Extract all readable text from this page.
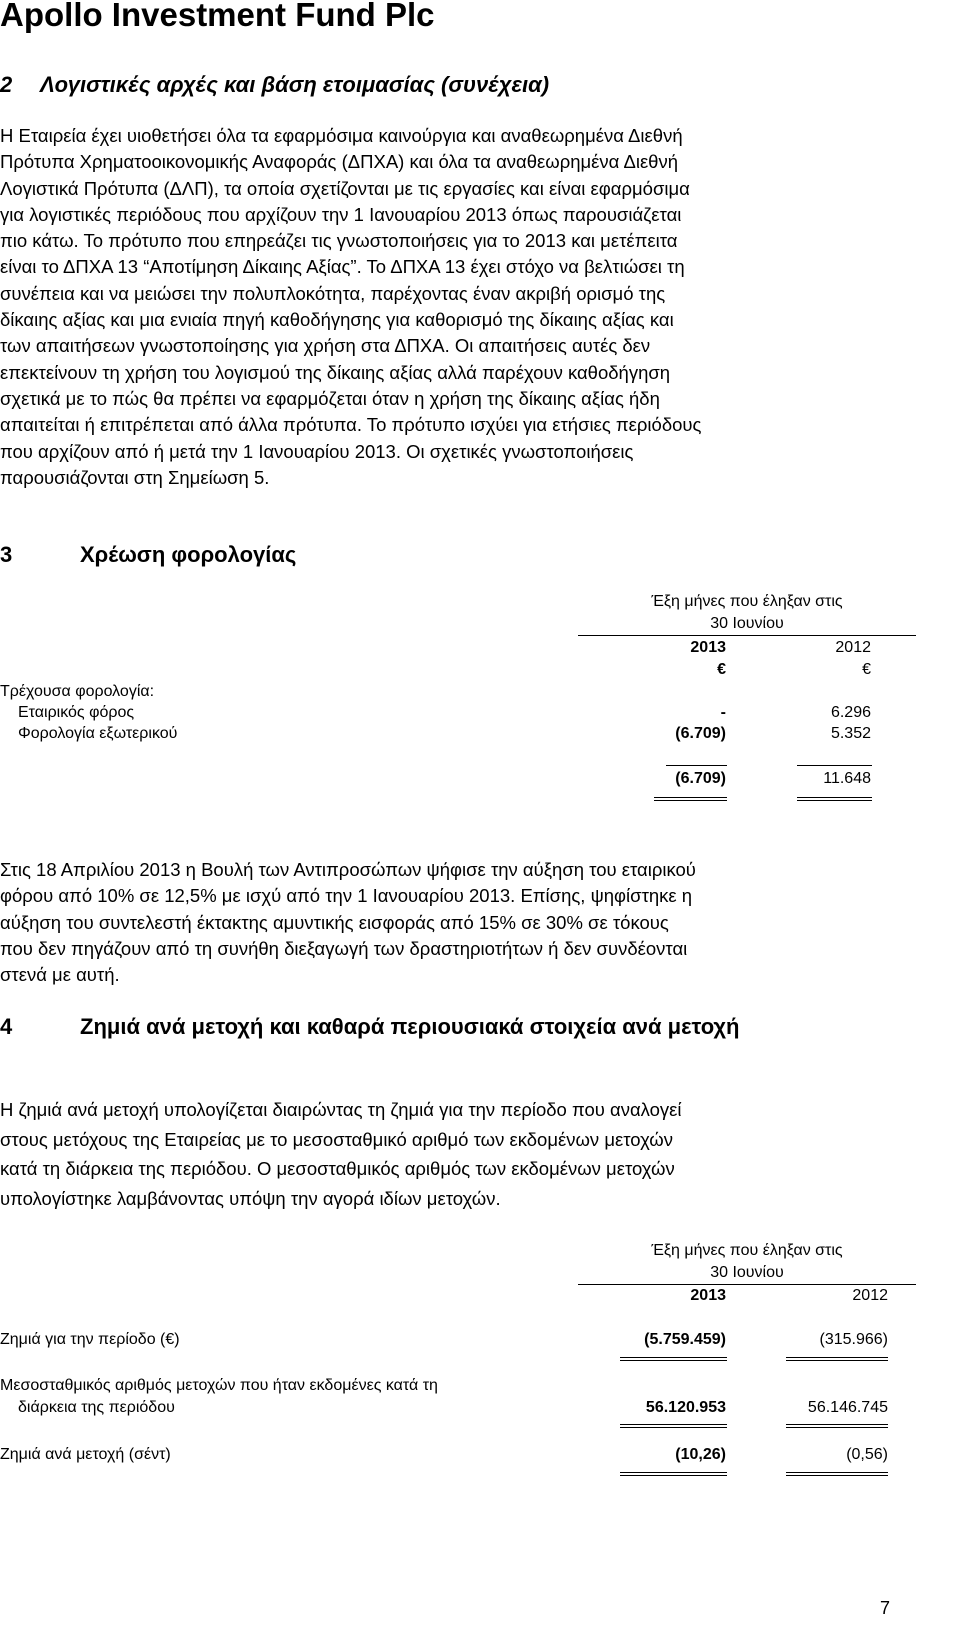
Apollo Investment Fund Plc
2 Λογιστικές αρχές και βάση ετοιμασίας (συνέχεια)
Η Εταιρεία έχει υιοθετήσει όλα τα εφαρμόσιμα καινούργια και αναθεωρημένα Διεθνή
Πρότυπα Χρηματοοικονομικής Αναφοράς (ΔΠΧΑ) και όλα τα αναθεωρημένα Διεθνή
Λογιστικά Πρότυπα (ΔΛΠ), τα οποία σχετίζονται με τις εργασίες και είναι εφαρμόσιμα
για λογιστικές περιόδους που αρχίζουν την 1 Ιανουαρίου 2013 όπως παρουσιάζεται
πιο κάτω. Το πρότυπο που επηρεάζει τις γνωστοποιήσεις για το 2013 και μετέπειτα
είναι το ΔΠΧΑ 13 “Αποτίμηση Δίκαιης Αξίας”. Το ΔΠΧΑ 13 έχει στόχο να βελτιώσει τη
συνέπεια και να μειώσει την πολυπλοκότητα, παρέχοντας έναν ακριβή ορισμό της
δίκαιης αξίας και μια ενιαία πηγή καθοδήγησης για καθορισμό της δίκαιης αξίας και
των απαιτήσεων γνωστοποίησης για χρήση στα ΔΠΧΑ. Οι απαιτήσεις αυτές δεν
επεκτείνουν τη χρήση του λογισμού της δίκαιης αξίας αλλά παρέχουν καθοδήγηση
σχετικά με το πώς θα πρέπει να εφαρμόζεται όταν η χρήση της δίκαιης αξίας ήδη
απαιτείται ή επιτρέπεται από άλλα πρότυπα. Το πρότυπο ισχύει για ετήσιες περιόδους
που αρχίζουν από ή μετά την 1 Ιανουαρίου 2013. Οι σχετικές γνωστοποιήσεις
παρουσιάζονται στη Σημείωση 5.
3	Χρέωση φορολογίας
Έξη μήνες που έληξαν στις
30 Ιουνίου
2013	2012
€	€
Τρέχουσα φορολογία:
Εταιρικός φόρος	-	6.296
Φορολογία εξωτερικού	(6.709)	5.352
(6.709)	11.648
Στις 18 Απριλίου 2013 η Βουλή των Αντιπροσώπων ψήφισε την αύξηση του εταιρικού
φόρου από 10% σε 12,5% με ισχύ από την 1 Ιανουαρίου 2013. Επίσης, ψηφίστηκε η
αύξηση του συντελεστή έκτακτης αμυντικής εισφοράς από 15% σε 30% σε τόκους
που δεν πηγάζουν από τη συνήθη διεξαγωγή των δραστηριοτήτων ή δεν συνδέονται
στενά με αυτή.
4	Ζημιά ανά μετοχή και καθαρά περιουσιακά στοιχεία ανά μετοχή
Η ζημιά ανά μετοχή υπολογίζεται διαιρώντας τη ζημιά για την περίοδο που αναλογεί
στους μετόχους της Εταιρείας με το μεσοσταθμικό αριθμό των εκδομένων μετοχών
κατά τη διάρκεια της περιόδου. Ο μεσοσταθμικός αριθμός των εκδομένων μετοχών
υπολογίστηκε λαμβάνοντας υπόψη την αγορά ιδίων μετοχών.
Έξη μήνες που έληξαν στις
30 Ιουνίου
2013	2012
Ζημιά για την περίοδο (€)	(5.759.459)	(315.966)
Μεσοσταθμικός αριθμός μετοχών που ήταν εκδομένες κατά τη
διάρκεια της περιόδου	56.120.953	56.146.745
Ζημιά ανά μετοχή (σέντ)	(10,26)	(0,56)
7
